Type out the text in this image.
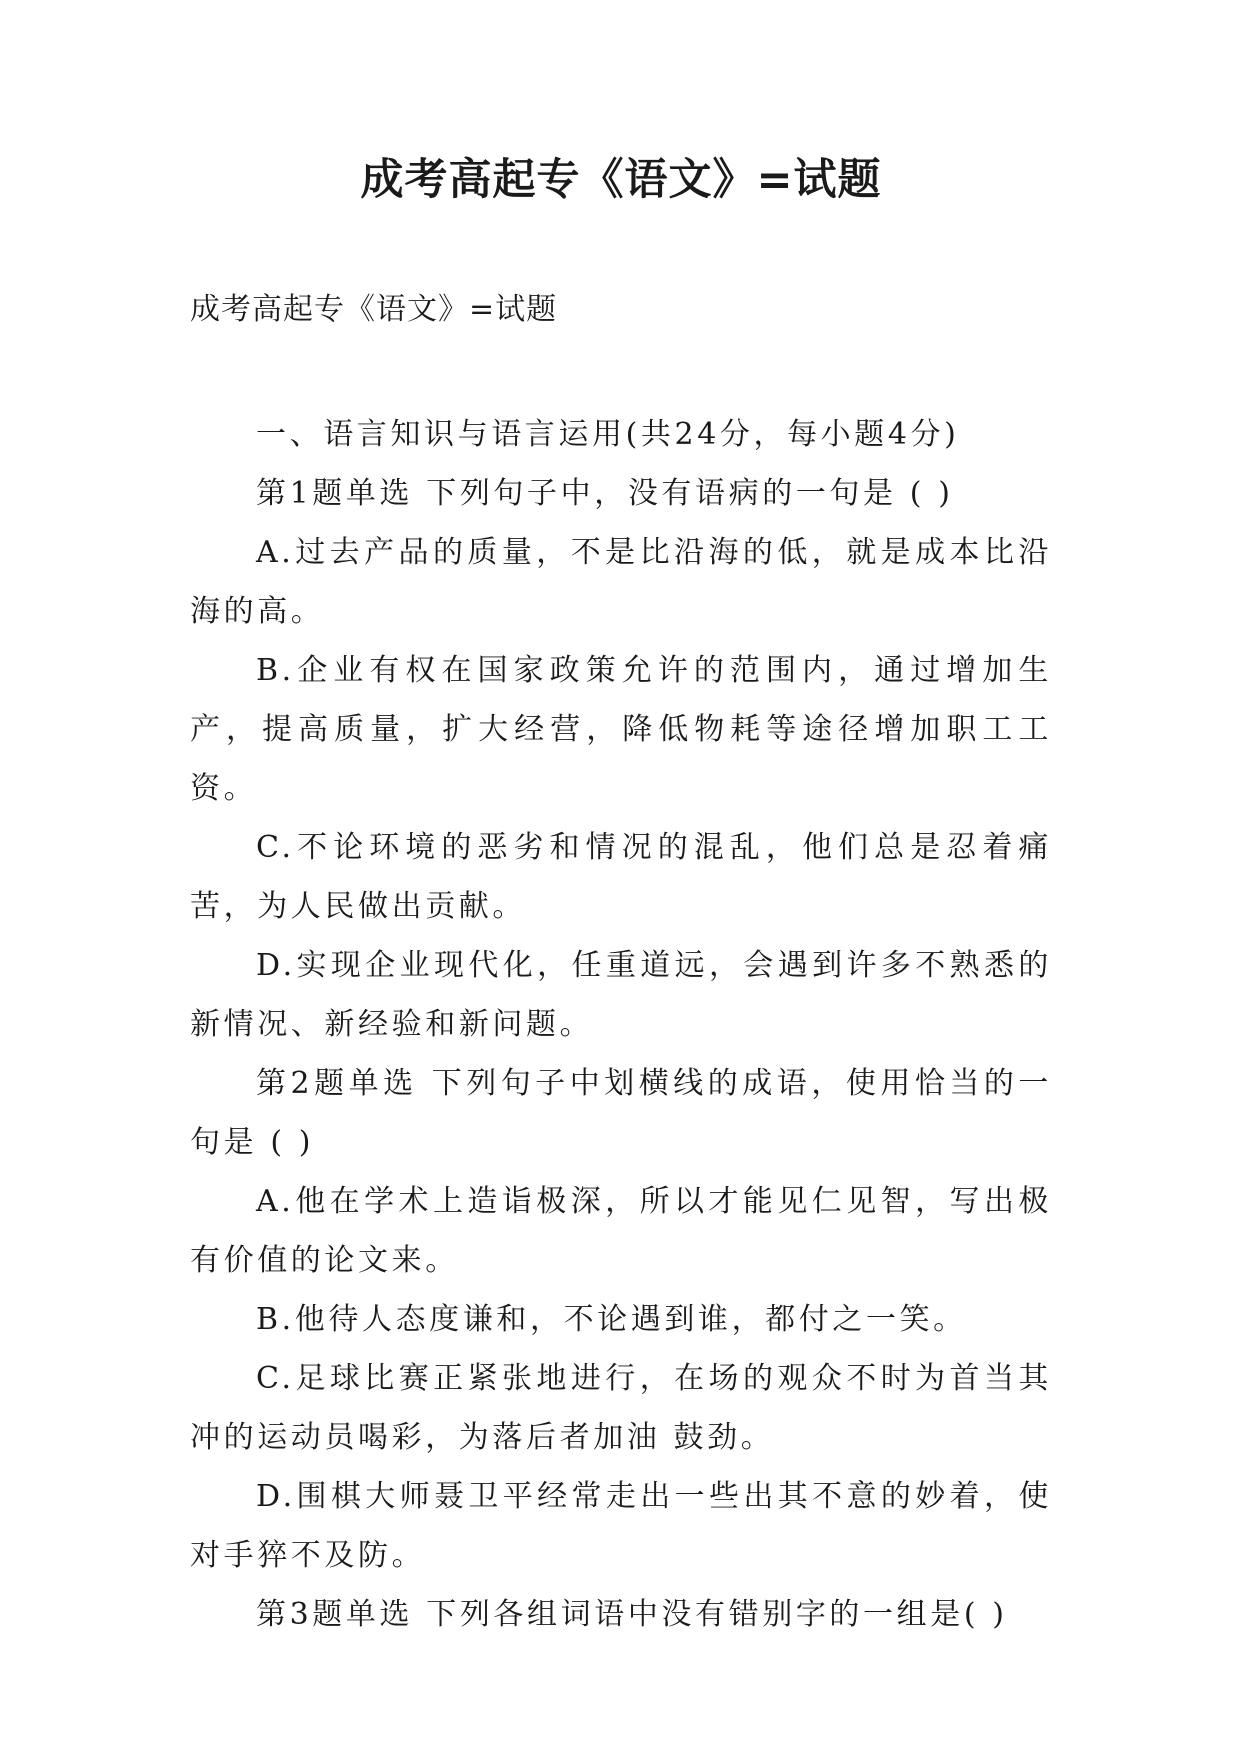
成考高起专《语文》=试题

成考高起专《语文》=试题

一、语言知识与语言运用(共24分，每小题4分)

第1题单选 下列句子中，没有语病的一句是 ( )

A.过去产品的质量，不是比沿海的低，就是成本比沿海的高。

B.企业有权在国家政策允许的范围内，通过增加生产，提高质量，扩大经营，降低物耗等途径增加职工工资。

C.不论环境的恶劣和情况的混乱，他们总是忍着痛苦，为人民做出贡献。

D.实现企业现代化，任重道远，会遇到许多不熟悉的新情况、新经验和新问题。

第2题单选 下列句子中划横线的成语，使用恰当的一句是 ( )

A.他在学术上造诣极深，所以才能见仁见智，写出极有价值的论文来。

B.他待人态度谦和，不论遇到谁，都付之一笑。

C.足球比赛正紧张地进行，在场的观众不时为首当其冲的运动员喝彩，为落后者加油 鼓劲。

D.围棋大师聂卫平经常走出一些出其不意的妙着，使对手猝不及防。

第3题单选 下列各组词语中没有错别字的一组是( )
